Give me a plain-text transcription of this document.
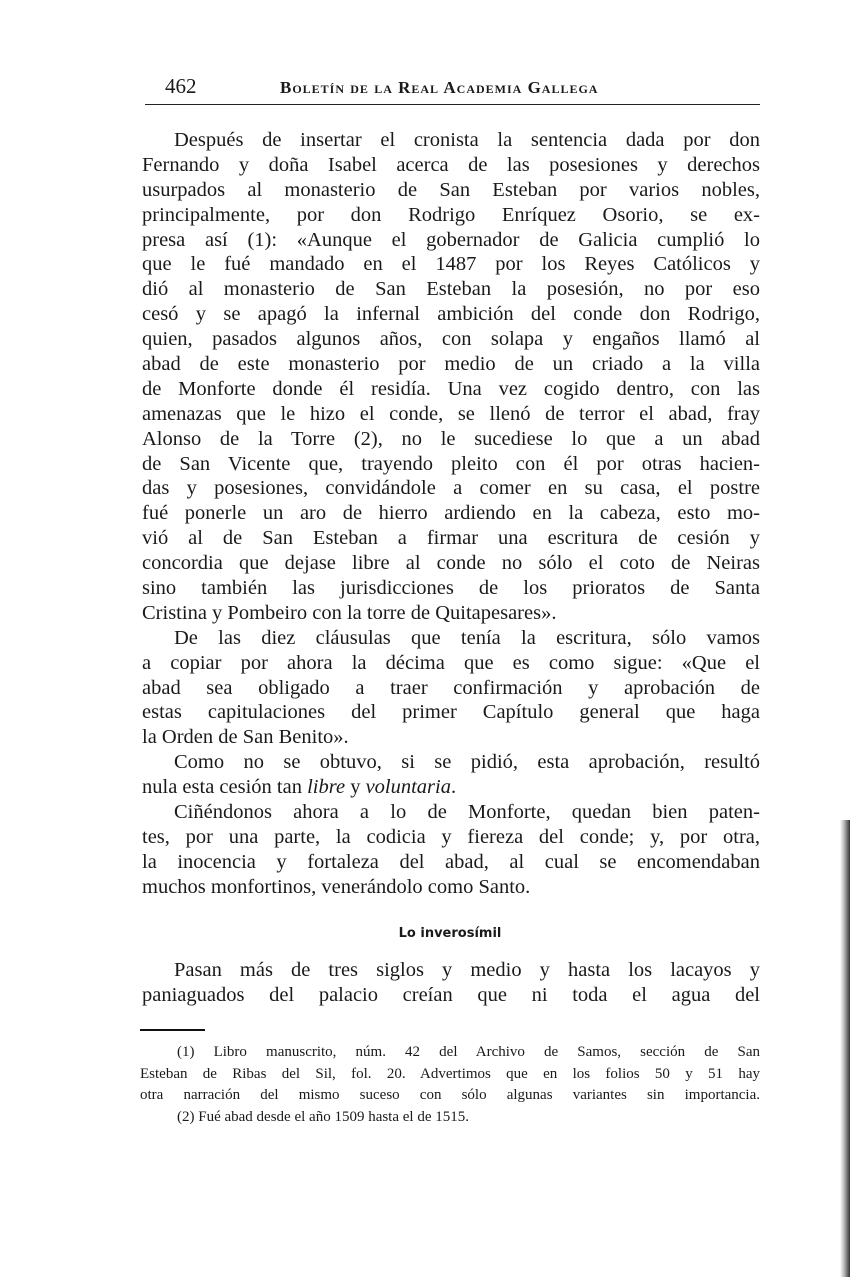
462	Boletín de la Real Academia Gallega
Después de insertar el cronista la sentencia dada por don
Fernando y doña Isabel acerca de las posesiones y derechos
usurpados al monasterio de San Esteban por varios nobles,
principalmente, por don Rodrigo Enríquez Osorio, se ex-
presa así (1): «Aunque el gobernador de Galicia cumplió lo
que le fué mandado en el 1487 por los Reyes Católicos y
dió al monasterio de San Esteban la posesión, no por eso
cesó y se apagó la infernal ambición del conde don Rodrigo,
quien, pasados algunos años, con solapa y engaños llamó al
abad de este monasterio por medio de un criado a la villa
de Monforte donde él residía. Una vez cogido dentro, con las
amenazas que le hizo el conde, se llenó de terror el abad, fray
Alonso de la Torre (2), no le sucediese lo que a un abad
de San Vicente que, trayendo pleito con él por otras hacien-
das y posesiones, convidándole a comer en su casa, el postre
fué ponerle un aro de hierro ardiendo en la cabeza, esto mo-
vió al de San Esteban a firmar una escritura de cesión y
concordia que dejase libre al conde no sólo el coto de Neiras
sino también las jurisdicciones de los prioratos de Santa
Cristina y Pombeiro con la torre de Quitapesares».
De las diez cláusulas que tenía la escritura, sólo vamos
a copiar por ahora la décima que es como sigue: «Que el
abad sea obligado a traer confirmación y aprobación de
estas capitulaciones del primer Capítulo general que haga
la Orden de San Benito».
Como no se obtuvo, si se pidió, esta aprobación, resultó
nula esta cesión tan libre y voluntaria.
Ciñéndonos ahora a lo de Monforte, quedan bien paten-
tes, por una parte, la codicia y fiereza del conde; y, por otra,
la inocencia y fortaleza del abad, al cual se encomendaban
muchos monfortinos, venerándolo como Santo.
Lo inverosímil
Pasan más de tres siglos y medio y hasta los lacayos y
paniaguados del palacio creían que ni toda el agua del
(1) Libro manuscrito, núm. 42 del Archivo de Samos, sección de San
Esteban de Ribas del Sil, fol. 20. Advertimos que en los folios 50 y 51 hay
otra narración del mismo suceso con sólo algunas variantes sin importancia.
(2) Fué abad desde el año 1509 hasta el de 1515.
